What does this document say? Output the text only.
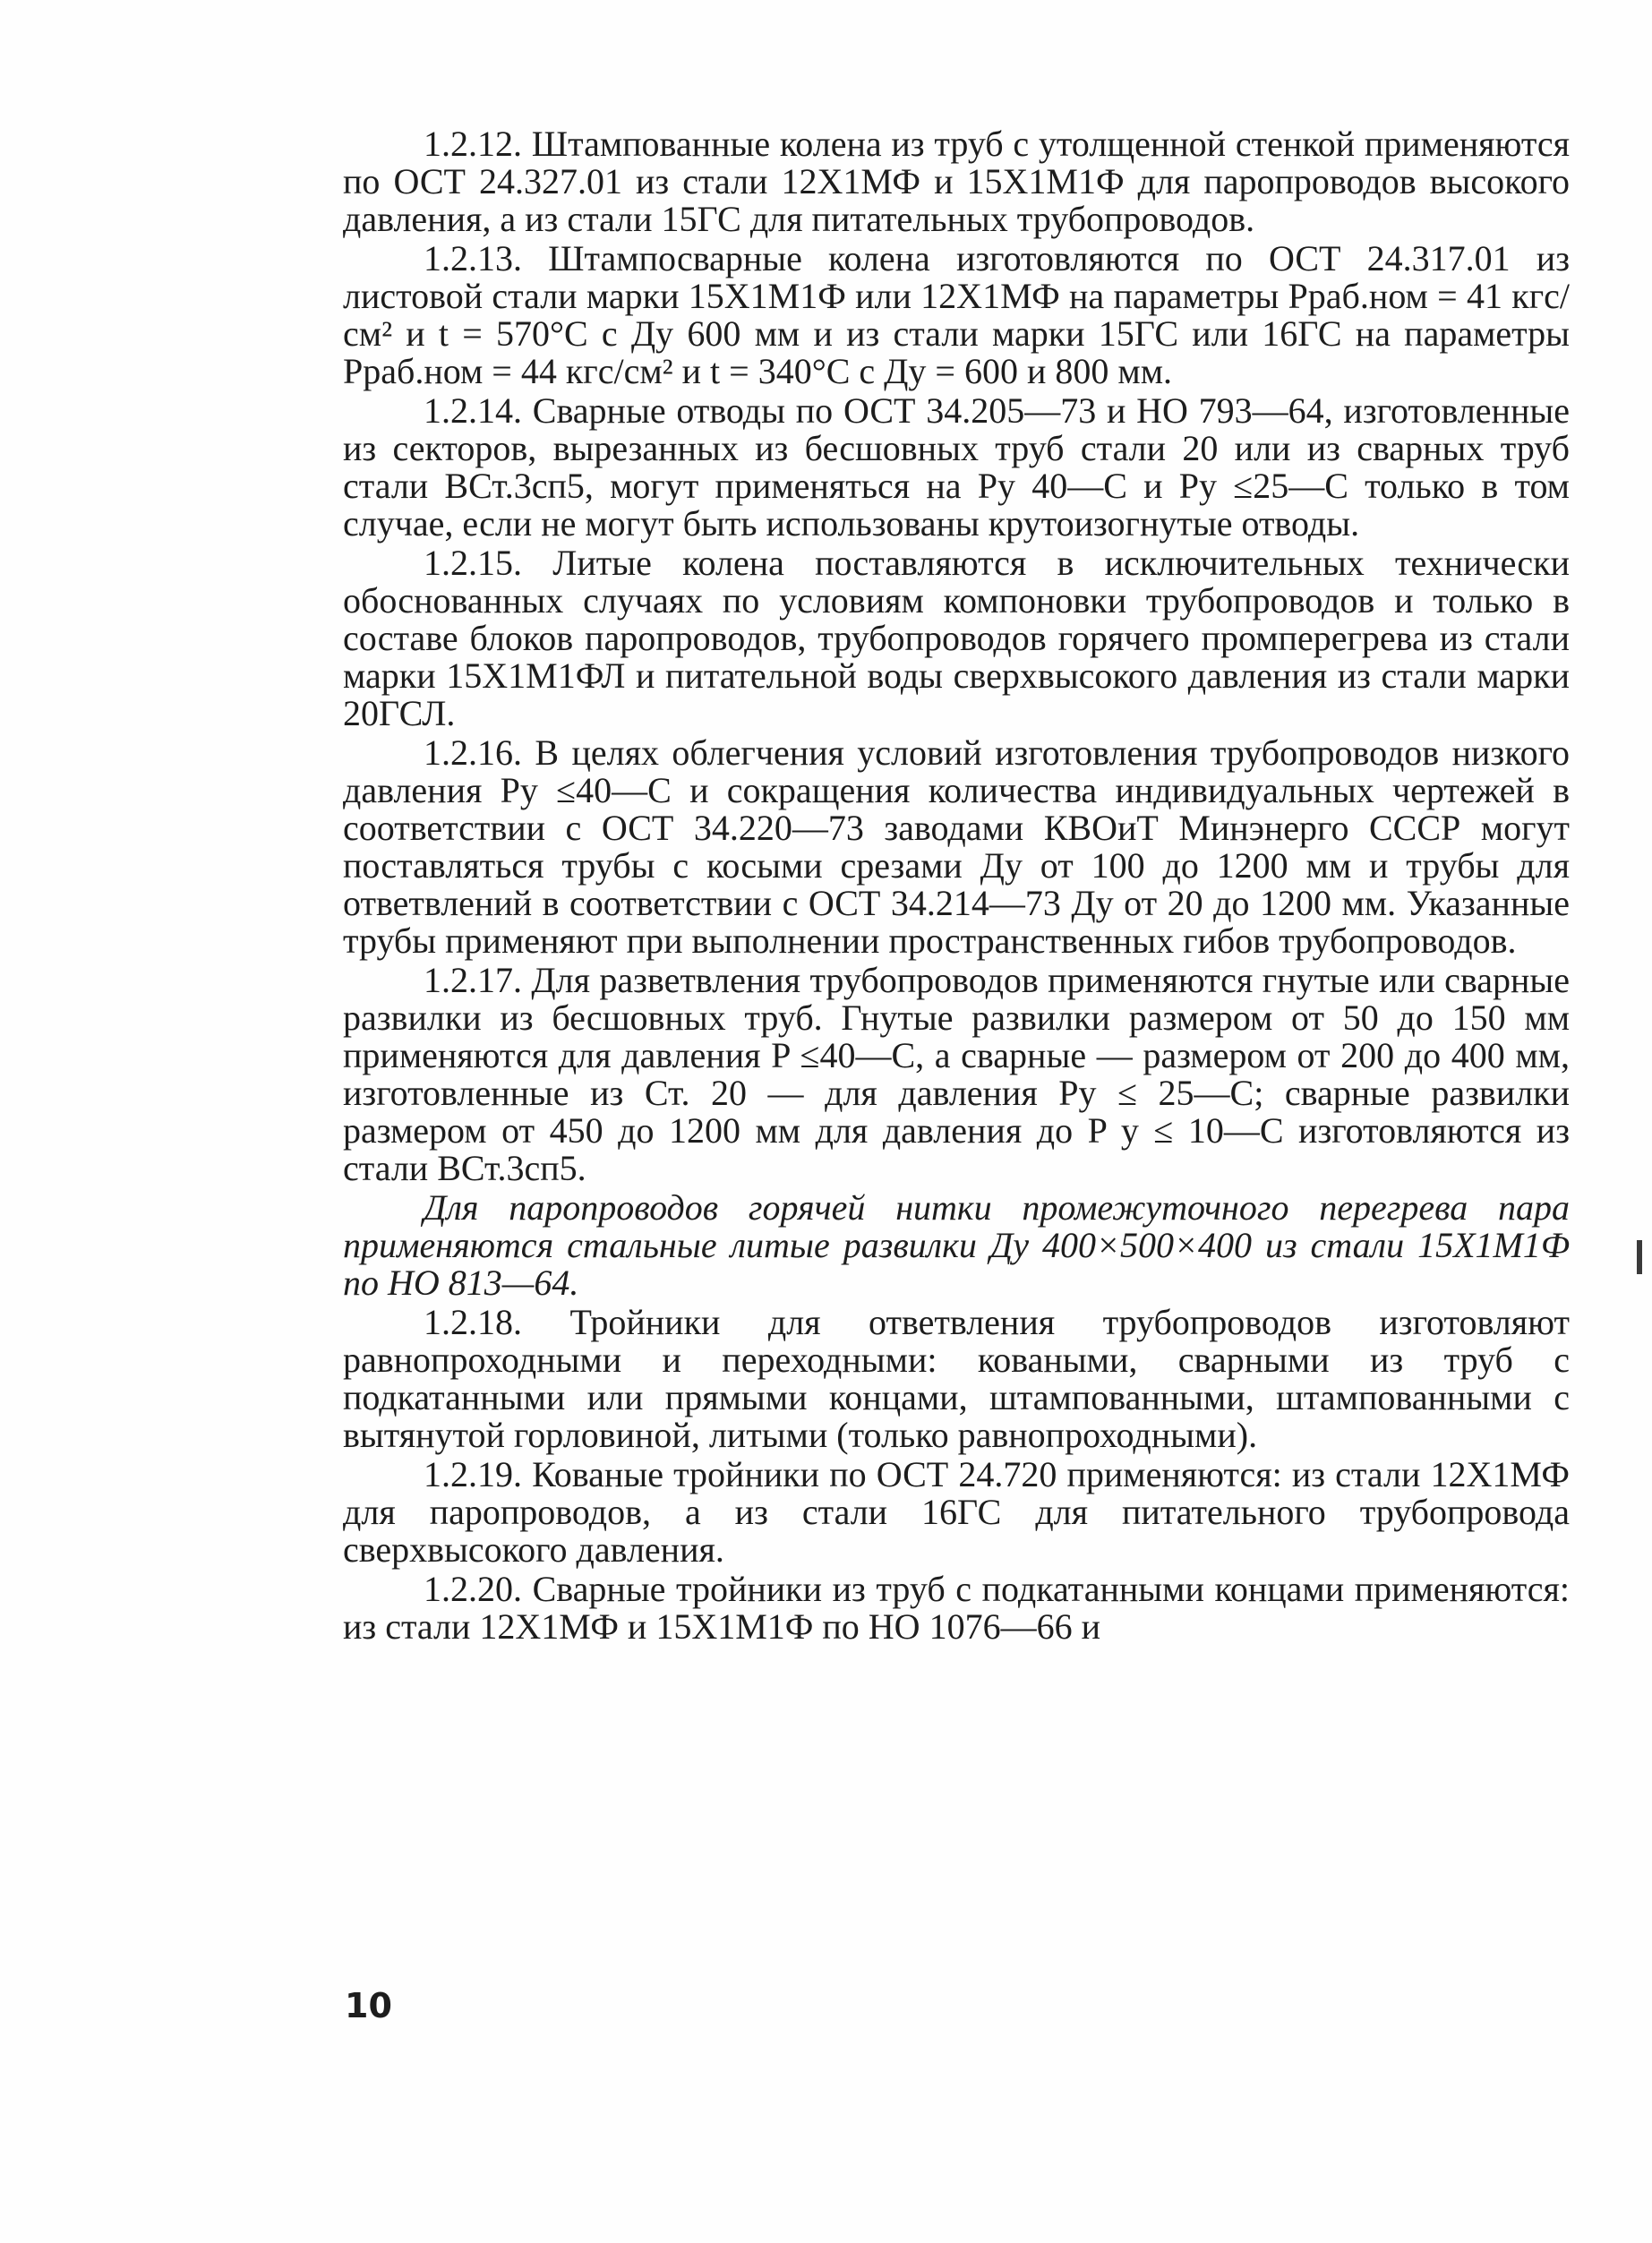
1.2.12. Штампованные колена из труб с утолщенной стенкой применяются по ОСТ 24.327.01 из стали 12Х1МФ и 15Х1М1Ф для паропроводов высокого давления, а из стали 15ГС для питательных трубопроводов.

1.2.13. Штампосварные колена изготовляются по ОСТ 24.317.01 из листовой стали марки 15Х1М1Ф или 12Х1МФ на параметры Pраб.ном = 41 кгс/см² и t = 570°С с Ду 600 мм и из стали марки 15ГС или 16ГС на параметры Pраб.ном = 44 кгс/см² и t = 340°С с Ду = 600 и 800 мм.

1.2.14. Сварные отводы по ОСТ 34.205—73 и НО 793—64, изготовленные из секторов, вырезанных из бесшовных труб стали 20 или из сварных труб стали ВСт.3сп5, могут применяться на Pу 40—С и Pу ≤25—С только в том случае, если не могут быть использованы крутоизогнутые отводы.

1.2.15. Литые колена поставляются в исключительных технически обоснованных случаях по условиям компоновки трубопроводов и только в составе блоков паропроводов, трубопроводов горячего промперегрева из стали марки 15Х1М1ФЛ и питательной воды сверхвысокого давления из стали марки 20ГСЛ.

1.2.16. В целях облегчения условий изготовления трубопроводов низкого давления Pу ≤40—С и сокращения количества индивидуальных чертежей в соответствии с ОСТ 34.220—73 заводами КВОиТ Минэнерго СССР могут поставляться трубы с косыми срезами Ду от 100 до 1200 мм и трубы для ответвлений в соответствии с ОСТ 34.214—73 Ду от 20 до 1200 мм. Указанные трубы применяют при выполнении пространственных гибов трубопроводов.

1.2.17. Для разветвления трубопроводов применяются гнутые или сварные развилки из бесшовных труб. Гнутые развилки размером от 50 до 150 мм применяются для давления P ≤40—С, а сварные — размером от 200 до 400 мм, изготовленные из Ст. 20 — для давления Pу ≤ 25—С; сварные развилки размером от 450 до 1200 мм для давления до P у ≤ 10—С изготовляются из стали ВСт.3сп5.

Для паропроводов горячей нитки промежуточного перегрева пара применяются стальные литые развилки Ду 400×500×400 из стали 15Х1М1Ф по НО 813—64.

1.2.18. Тройники для ответвления трубопроводов изготовляют равнопроходными и переходными: коваными, сварными из труб с подкатанными или прямыми концами, штампованными, штампованными с вытянутой горловиной, литыми (только равнопроходными).

1.2.19. Кованые тройники по ОСТ 24.720 применяются: из стали 12Х1МФ для паропроводов, а из стали 16ГС для питательного трубопровода сверхвысокого давления.

1.2.20. Сварные тройники из труб с подкатанными концами применяются: из стали 12Х1МФ и 15Х1М1Ф по НО 1076—66 и

10
